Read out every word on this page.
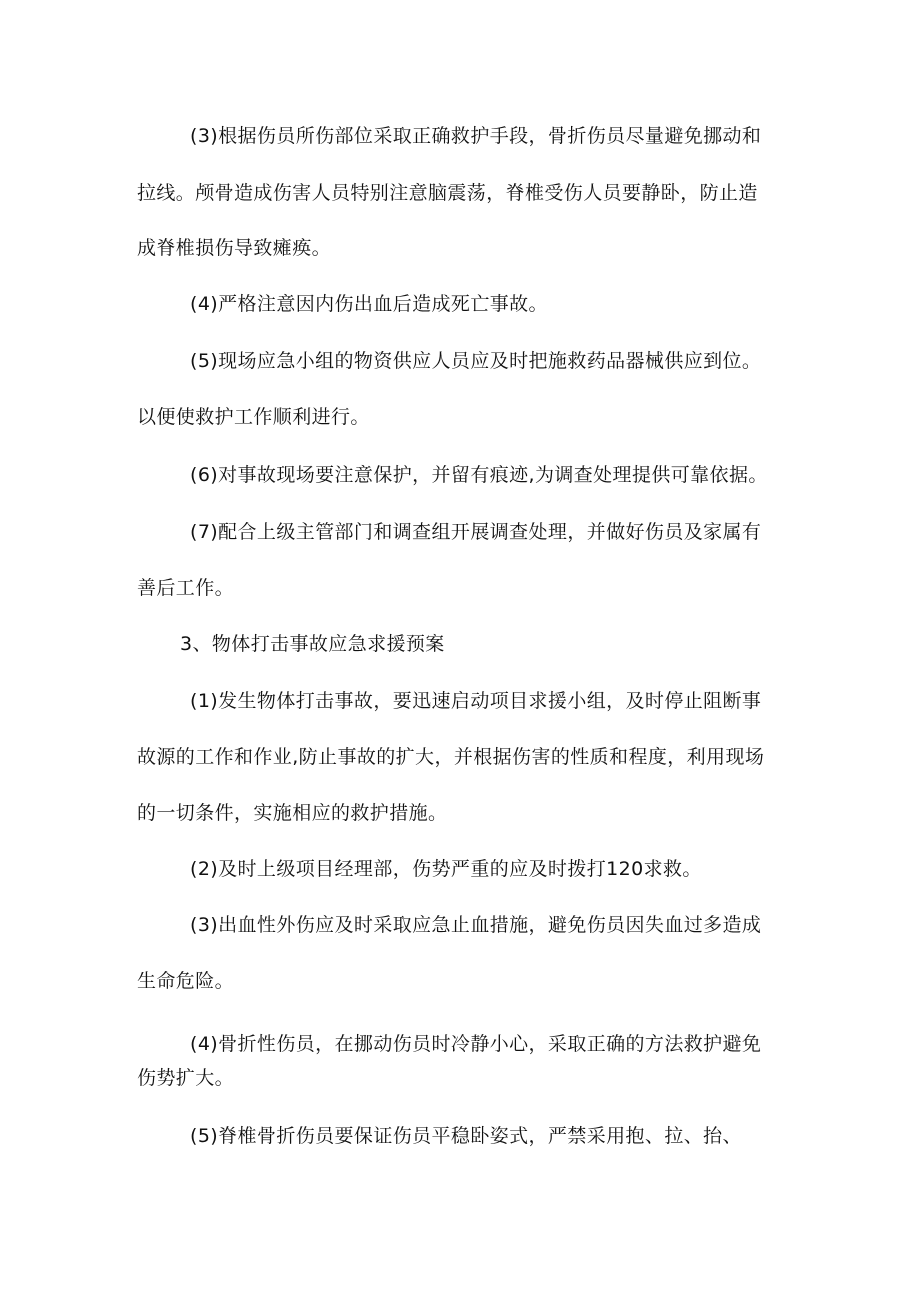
(3)根据伤员所伤部位采取正确救护手段，骨折伤员尽量避免挪动和
拉线。颅骨造成伤害人员特别注意脑震荡，脊椎受伤人员要静卧，防止造
成脊椎损伤导致瘫痪。
(4)严格注意因内伤出血后造成死亡事故。
(5)现场应急小组的物资供应人员应及时把施救药品器械供应到位。
以便使救护工作顺利进行。
(6)对事故现场要注意保护，并留有痕迹,为调查处理提供可靠依据。
(7)配合上级主管部门和调查组开展调查处理，并做好伤员及家属有
善后工作。
3、物体打击事故应急求援预案
(1)发生物体打击事故，要迅速启动项目求援小组，及时停止阻断事
故源的工作和作业,防止事故的扩大，并根据伤害的性质和程度，利用现场
的一切条件，实施相应的救护措施。
(2)及时上级项目经理部，伤势严重的应及时拨打120求救。
(3)出血性外伤应及时采取应急止血措施，避免伤员因失血过多造成
生命危险。
(4)骨折性伤员，在挪动伤员时冷静小心，采取正确的方法救护避免
伤势扩大。
(5)脊椎骨折伤员要保证伤员平稳卧姿式，严禁采用抱、拉、抬、
